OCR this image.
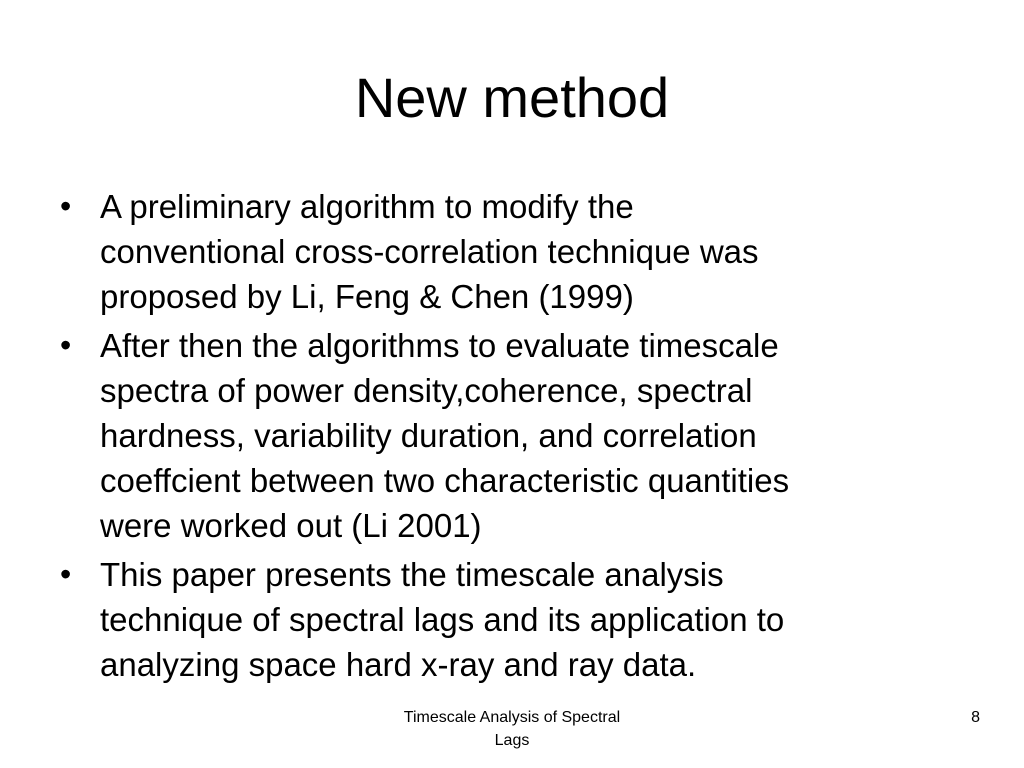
New method
• A preliminary algorithm to modify the
conventional cross-correlation technique was
proposed by Li, Feng & Chen (1999)
• After then the algorithms to evaluate timescale
spectra of power density,coherence, spectral
hardness, variability duration, and correlation
coeffcient between two characteristic quantities
were worked out (Li 2001)
• This paper presents the timescale analysis
technique of spectral lags and its application to
analyzing space hard x-ray and ray data.
Timescale Analysis of Spectral
Lags
8
